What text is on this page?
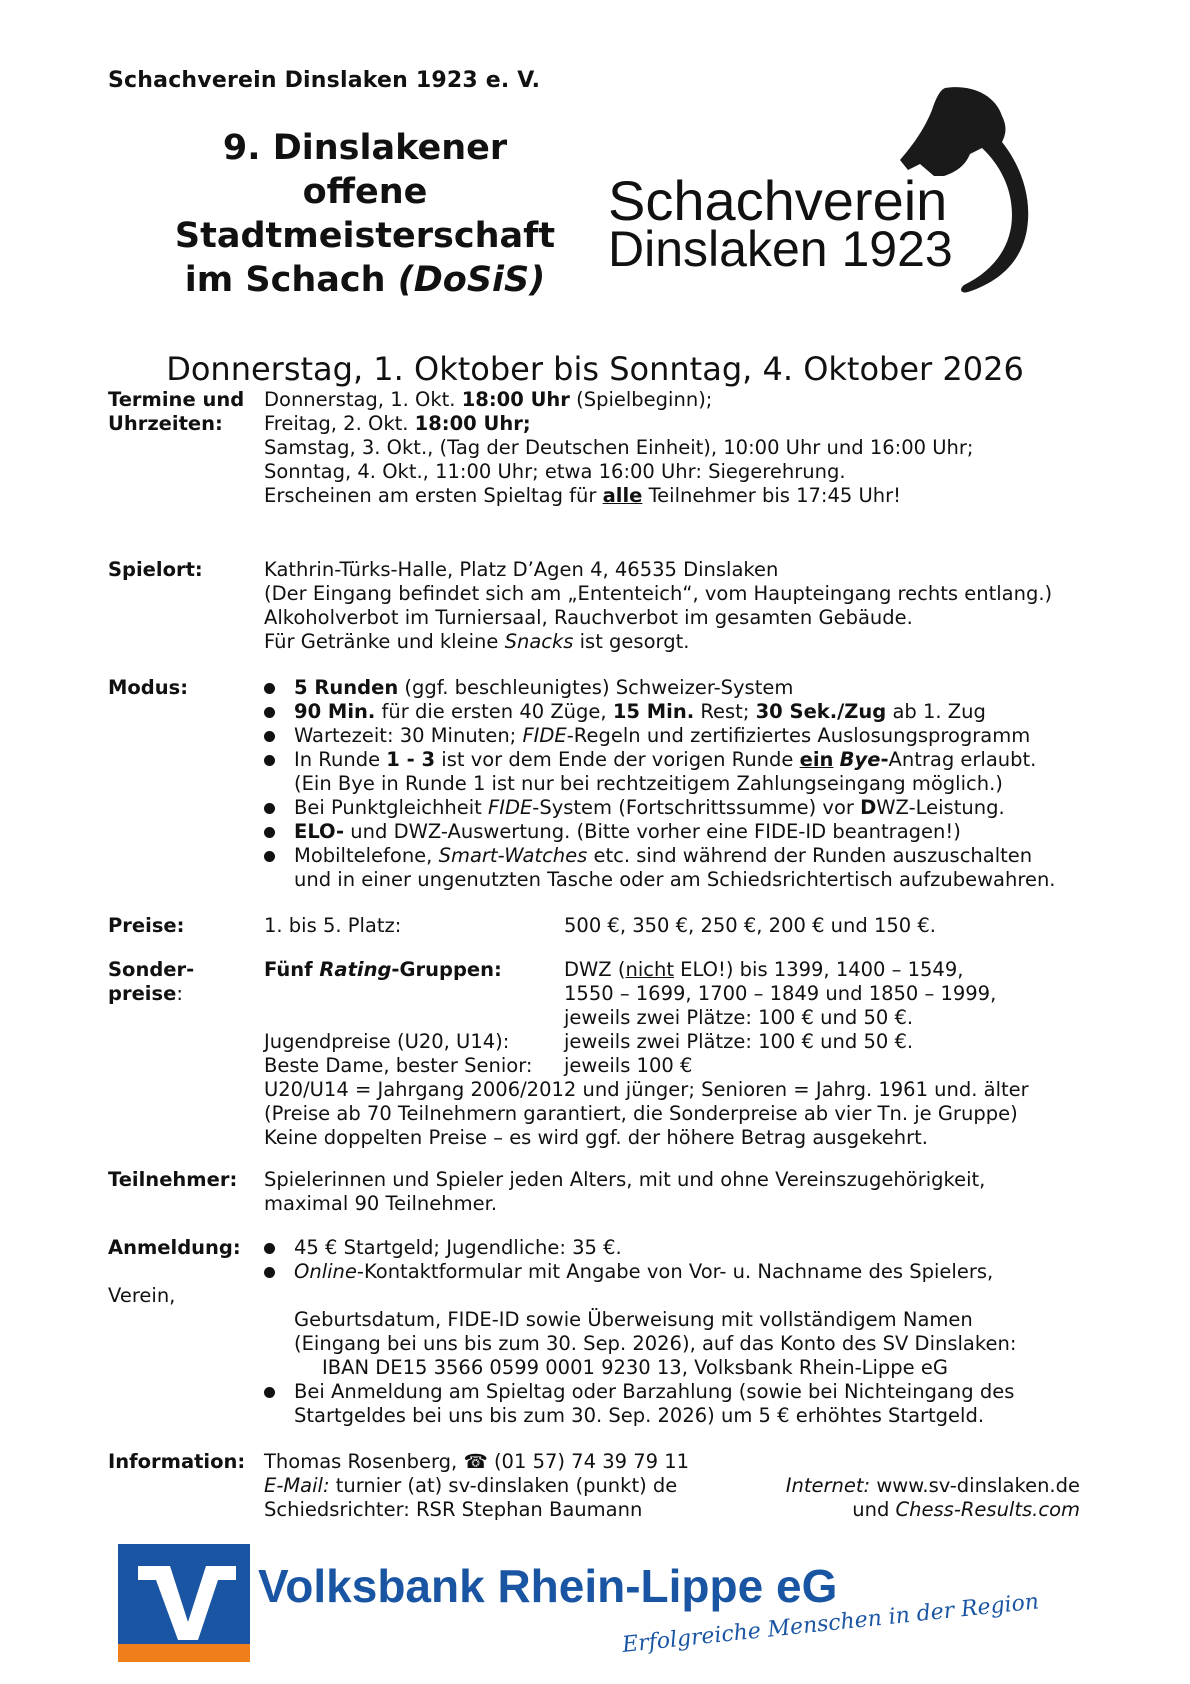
Schachverein Dinslaken 1923 e. V.
9. Dinslakener
offene
Stadtmeisterschaft
im Schach (DoSiS)
Schachverein
Dinslaken 1923
Donnerstag, 1. Oktober bis Sonntag, 4. Oktober 2026
Termine und
Uhrzeiten:
Donnerstag, 1. Okt. 18:00 Uhr (Spielbeginn);
Freitag, 2. Okt. 18:00 Uhr;
Samstag, 3. Okt., (Tag der Deutschen Einheit), 10:00 Uhr und 16:00 Uhr;
Sonntag, 4. Okt., 11:00 Uhr; etwa 16:00 Uhr: Siegerehrung.
Erscheinen am ersten Spieltag für alle Teilnehmer bis 17:45 Uhr!
Spielort:	Kathrin-Türks-Halle, Platz D’Agen 4, 46535 Dinslaken
(Der Eingang befindet sich am „Ententeich“, vom Haupteingang rechts entlang.)
Alkoholverbot im Turniersaal, Rauchverbot im gesamten Gebäude.
Für Getränke und kleine Snacks ist gesorgt.
Modus:	5 Runden (ggf. beschleunigtes) Schweizer-System
90 Min. für die ersten 40 Züge, 15 Min. Rest; 30 Sek./Zug ab 1. Zug
Wartezeit: 30 Minuten; FIDE-Regeln und zertifiziertes Auslosungsprogramm
In Runde 1 - 3 ist vor dem Ende der vorigen Runde ein Bye-Antrag erlaubt.
(Ein Bye in Runde 1 ist nur bei rechtzeitigem Zahlungseingang möglich.)
Bei Punktgleichheit FIDE-System (Fortschrittssumme) vor DWZ-Leistung.
ELO- und DWZ-Auswertung. (Bitte vorher eine FIDE-ID beantragen!)
Mobiltelefone, Smart-Watches etc. sind während der Runden auszuschalten
und in einer ungenutzten Tasche oder am Schiedsrichtertisch aufzubewahren.
Preise:	1. bis 5. Platz:	500 €, 350 €, 250 €, 200 € und 150 €.
Sonder-
preise:
Fünf Rating-Gruppen:	DWZ (nicht ELO!) bis 1399, 1400 – 1549,
1550 – 1699, 1700 – 1849 und 1850 – 1999,
jeweils zwei Plätze: 100 € und 50 €.
Jugendpreise (U20, U14):	jeweils zwei Plätze: 100 € und 50 €.
Beste Dame, bester Senior: jeweils 100 €
U20/U14 = Jahrgang 2006/2012 und jünger; Senioren = Jahrg. 1961 und. älter
(Preise ab 70 Teilnehmern garantiert, die Sonderpreise ab vier Tn. je Gruppe)
Keine doppelten Preise – es wird ggf. der höhere Betrag ausgekehrt.
Teilnehmer: Spielerinnen und Spieler jeden Alters, mit und ohne Vereinszugehörigkeit,
maximal 90 Teilnehmer.
Anmeldung:
Verein,
45 € Startgeld; Jugendliche: 35 €.
Online-Kontaktformular mit Angabe von Vor- u. Nachname des Spielers,
Geburtsdatum, FIDE-ID sowie Überweisung mit vollständigem Namen
(Eingang bei uns bis zum 30. Sep. 2026), auf das Konto des SV Dinslaken:
IBAN DE15 3566 0599 0001 9230 13, Volksbank Rhein-Lippe eG
Bei Anmeldung am Spieltag oder Barzahlung (sowie bei Nichteingang des
Startgeldes bei uns bis zum 30. Sep. 2026) um 5 € erhöhtes Startgeld.
Information: Thomas Rosenberg, ☎ (01 57) 74 39 79 11
E-Mail: turnier (at) sv-dinslaken (punkt) de
Schiedsrichter: RSR Stephan Baumann
Internet: www.sv-dinslaken.de
und Chess-Results.com
Volksbank Rhein-Lippe eG
Erfolgreiche Menschen in der Region
